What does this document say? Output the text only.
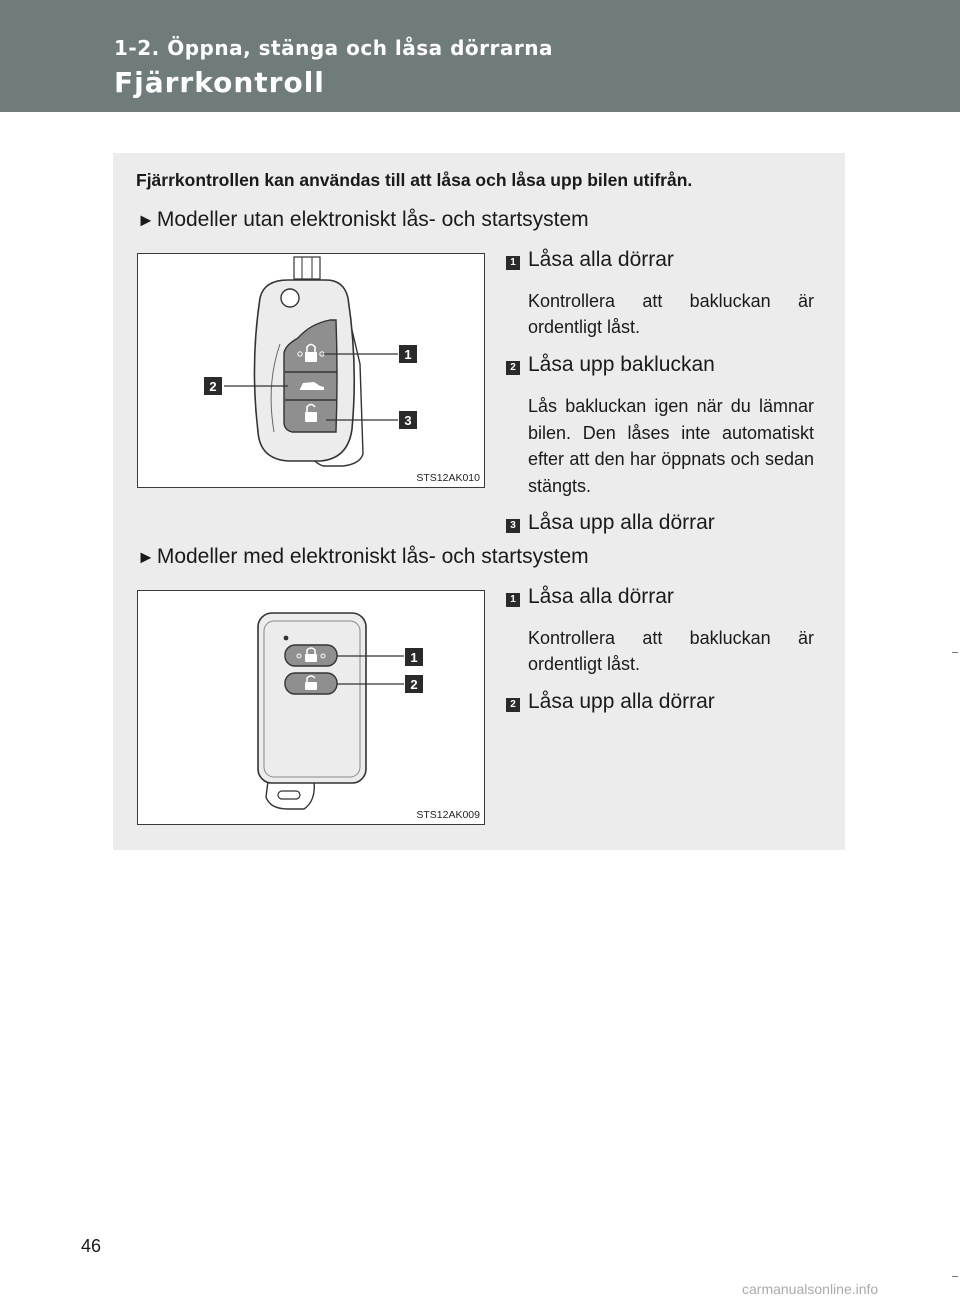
1-2. Öppna, stänga och låsa dörrarna
Fjärrkontroll
Fjärrkontrollen kan användas till att låsa och låsa upp bilen utifrån.
►Modeller utan elektroniskt lås- och startsystem
1
2
3
STS12AK010
1 Låsa alla dörrar
Kontrollera att bakluckan är
ordentligt låst.
2 Låsa upp bakluckan
Lås bakluckan igen när du lämnar bilen. Den låses inte automatiskt efter att den har öppnats och sedan stängts.
3 Låsa upp alla dörrar
►Modeller med elektroniskt lås- och startsystem
1
2
STS12AK009
1 Låsa alla dörrar
Kontrollera att bakluckan är
ordentligt låst.
2 Låsa upp alla dörrar
46
carmanualsonline.info
